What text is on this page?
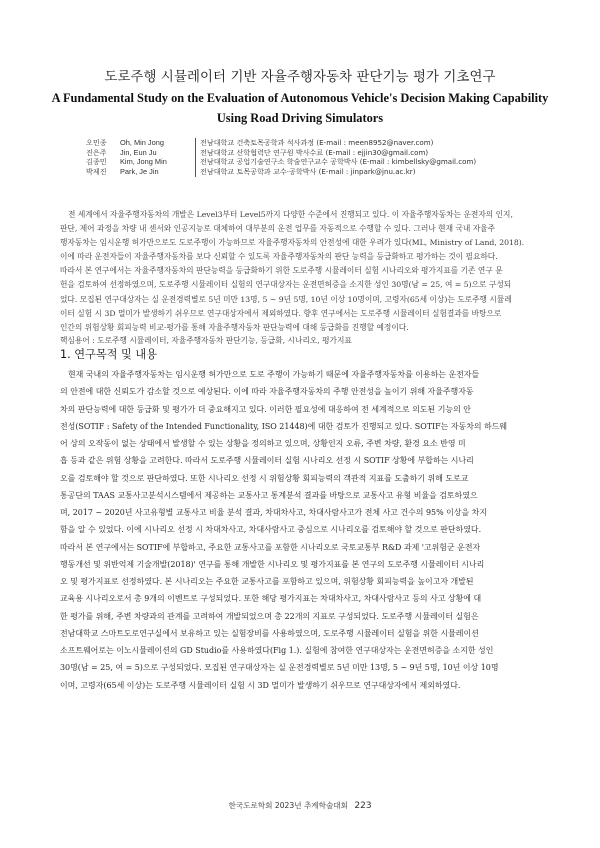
도로주행 시뮬레이터 기반 자율주행자동차 판단기능 평가 기초연구
A Fundamental Study on the Evaluation of Autonomous Vehicle's Decision Making Capability
Using Road Driving Simulators
오민종	Oh, Min Jong	전남대학교 건축토목공학과 석사과정 (E-mail : meen8952@naver.com)
진은주	Jin, Eun Ju	전남대학교 산학협력단 연구원 박사수료 (E-mail : ejjin30@gmail.com)
김종민	Kim, Jong Min	전남대학교 공업기술연구소 학술연구교수 공학박사 (E-mail : kimbellsky@gmail.com)
박제진	Park, Je Jin	전남대학교 토목공학과 교수·공학박사 (E-mail : jinpark@jnu.ac.kr)
전 세계에서 자율주행자동차의 개발은 Level3부터 Level5까지 다양한 수준에서 진행되고 있다. 이 자율주행자동차는 운전자의 인지,
판단, 제어 과정을 차량 내 센서와 인공지능로 대체하여 대부분의 운전 업무를 자동적으로 수행할 수 있다. 그러나 현재 국내 자율주
행자동차는 임시운행 허가만으로도 도로주행이 가능하므로 자율주행자동차의 안전성에 대한 우려가 있다(ML, Ministry of Land, 2018).
이에 따라 운전자들이 자율주행자동차를 보다 신뢰할 수 있도록 자율주행자동차의 판단 능력을 등급화하고 평가하는 것이 필요하다.
따라서 본 연구에서는 자율주행자동차의 판단능력을 등급화하기 위한 도로주행 시뮬레이터 실험 시나리오와 평가지표를 기존 연구 문
헌을 검토하여 선정하였으며, 도로주행 시뮬레이터 실험의 연구대상자는 운전면허증을 소지한 성인 30명(남 = 25, 여 = 5)으로 구성되
었다. 모집된 연구대상자는 실 운전경력별로 5년 미만 13명, 5 ~ 9년 5명, 10년 이상 10명이며, 고령자(65세 이상)는 도로주행 시뮬레
이터 실험 시 3D 멀미가 발생하기 쉬우므로 연구대상자에서 제외하였다. 향후 연구에서는 도로주행 시뮬레이터 실험결과를 바탕으로
인간의 위험상황 회피능력 비교·평가를 통해 자율주행자동차 판단능력에 대해 등급화를 진행할 예정이다.
핵심용어 : 도로주행 시뮬레이터, 자율주행자동차 판단기능, 등급화, 시나리오, 평가지표
1. 연구목적 및 내용
현재 국내의 자율주행자동차는 임시운행 허가만으로 도로 주행이 가능하기 때문에 자율주행자동차를 이용하는 운전자들
의 안전에 대한 신뢰도가 감소할 것으로 예상된다. 이에 따라 자율주행자동차의 주행 안전성을 높이기 위해 자율주행자동
차의 판단능력에 대한 등급화 및 평가가 더 중요해지고 있다. 이러한 필요성에 대응하여 전 세계적으로 의도된 기능의 안
전성(SOTIF : Safety of the Intended Functionality, ISO 21448)에 대한 검토가 진행되고 있다. SOTIF는 자동차의 하드웨
어 상의 오작동이 없는 상태에서 발생할 수 있는 상황을 정의하고 있으며, 상황인지 오류, 주변 차량, 환경 요소 반영 미
흡 등과 같은 위험 상황을 고려한다. 따라서 도로주행 시뮬레이터 실험 시나리오 선정 시 SOTIF 상황에 부합하는 시나리
오를 검토해야 할 것으로 판단하였다. 또한 시나리오 선정 시 위험상황 회피능력의 객관적 지표를 도출하기 위해 도로교
통공단의 TAAS 교통사고분석시스템에서 제공하는 교통사고 통계분석 결과를 바탕으로 교통사고 유형 비율을 검토하였으
며, 2017 ~ 2020년 사고유형별 교통사고 비율 분석 결과, 차대차사고, 차대사람사고가 전체 사고 건수의 95% 이상을 차지
함을 알 수 있었다. 이에 시나리오 선정 시 차대차사고, 차대사람사고 중심으로 시나리오를 검토해야 할 것으로 판단하였다.
따라서 본 연구에서는 SOTIF에 부합하고, 주요한 교통사고를 포함한 시나리오로 국토교통부 R&D 과제 '고위험군 운전자
행동개선 및 위반억제 기술개발(2018)' 연구를 통해 개발한 시나리오 및 평가지표를 본 연구의 도로주행 시뮬레이터 시나리
오 및 평가지표로 선정하였다. 본 시나리오는 주요한 교통사고를 포함하고 있으며, 위험상황 회피능력을 높이고자 개발된
교육용 시나리오로서 총 9개의 이벤트로 구성되었다. 또한 해당 평가지표는 차대차사고, 차대사람사고 등의 사고 상황에 대
한 평가를 위해, 주변 차량과의 관계를 고려하여 개발되었으며 총 22개의 지표로 구성되었다. 도로주행 시뮬레이터 실험은
전남대학교 스마트도로연구실에서 보유하고 있는 실험장비를 사용하였으며, 도로주행 시뮬레이터 실험을 위한 시뮬레이션
소프트웨어로는 이노시뮬레이션의 GD Studio를 사용하였다(Fig 1.). 실험에 참여한 연구대상자는 운전면허증을 소지한 성인
30명(남 = 25, 여 = 5)으로 구성되었다. 모집된 연구대상자는 실 운전경력별로 5년 미만 13명, 5 ~ 9년 5명, 10년 이상 10명
이며, 고령자(65세 이상)는 도로주행 시뮬레이터 실험 시 3D 멀미가 발생하기 쉬우므로 연구대상자에서 제외하였다.
한국도로학회 2023년 추계학술대회 223
